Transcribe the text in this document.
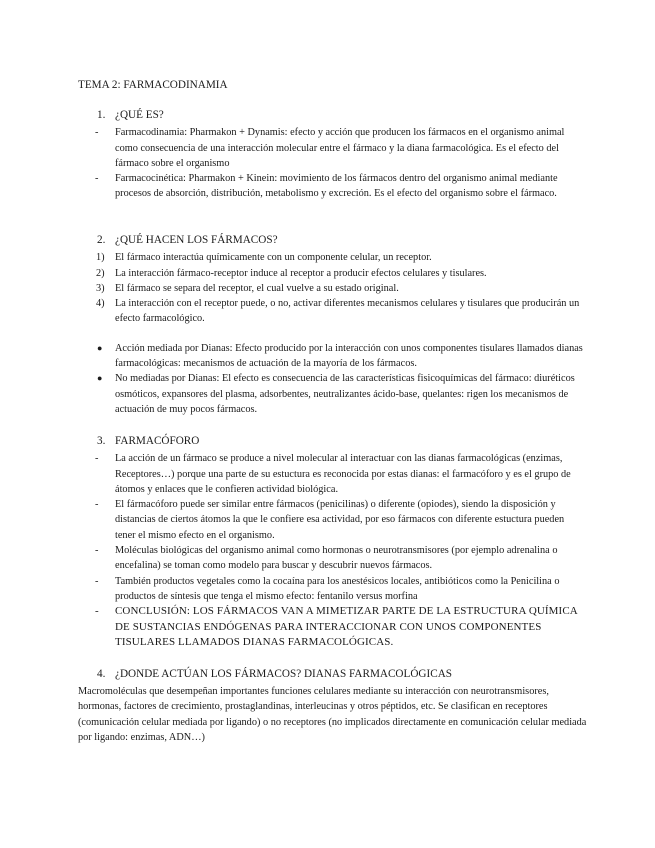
TEMA 2: FARMACODINAMIA
1. ¿QUÉ ES?
- Farmacodinamia: Pharmakon + Dynamis: efecto y acción que producen los fármacos en el organismo animal como consecuencia de una interacción molecular entre el fármaco y la diana farmacológica. Es el efecto del fármaco sobre el organismo
- Farmacocinética: Pharmakon + Kinein: movimiento de los fármacos dentro del organismo animal mediante procesos de absorción, distribución, metabolismo y excreción. Es el efecto del organismo sobre el fármaco.
2. ¿QUÉ HACEN LOS FÁRMACOS?
1) El fármaco interactúa químicamente con un componente celular, un receptor.
2) La interacción fármaco-receptor induce al receptor a producir efectos celulares y tisulares.
3) El fármaco se separa del receptor, el cual vuelve a su estado original.
4) La interacción con el receptor puede, o no, activar diferentes mecanismos celulares y tisulares que producirán un efecto farmacológico.
● Acción mediada por Dianas: Efecto producido por la interacción con unos componentes tisulares llamados dianas farmacológicas: mecanismos de actuación de la mayoría de los fármacos.
● No mediadas por Dianas: El efecto es consecuencia de las características fisicoquímicas del fármaco: diuréticos osmóticos, expansores del plasma, adsorbentes, neutralizantes ácido-base, quelantes: rigen los mecanismos de actuación de muy pocos fármacos.
3. FARMACÓFORO
- La acción de un fármaco se produce a nivel molecular al interactuar con las dianas farmacológicas (enzimas, Receptores…) porque una parte de su estuctura es reconocida por estas dianas: el farmacóforo y es el grupo de átomos y enlaces que le confieren actividad biológica.
- El fármacóforo puede ser similar entre fármacos (penicilinas) o diferente (opiodes), siendo la disposición y distancias de ciertos átomos la que le confiere esa actividad, por eso fármacos con diferente estuctura pueden tener el mismo efecto en el organismo.
- Moléculas biológicas del organismo animal como hormonas o neurotransmisores (por ejemplo adrenalina o encefalina) se toman como modelo para buscar y descubrir nuevos fármacos.
- También productos vegetales como la cocaína para los anestésicos locales, antibióticos como la Penicilina o productos de síntesis que tenga el mismo efecto: fentanilo versus morfina
- CONCLUSIÓN: LOS FÁRMACOS VAN A MIMETIZAR PARTE DE LA ESTRUCTURA QUÍMICA DE SUSTANCIAS ENDÓGENAS PARA INTERACCIONAR CON UNOS COMPONENTES TISULARES LLAMADOS DIANAS FARMACOLÓGICAS.
4. ¿DONDE ACTÚAN LOS FÁRMACOS? DIANAS FARMACOLÓGICAS
Macromoléculas que desempeñan importantes funciones celulares mediante su interacción con neurotransmisores, hormonas, factores de crecimiento, prostaglandinas, interleucinas y otros péptidos, etc. Se clasifican en receptores (comunicación celular mediada por ligando) o no receptores (no implicados directamente en comunicación celular mediada por ligando: enzimas, ADN…)
